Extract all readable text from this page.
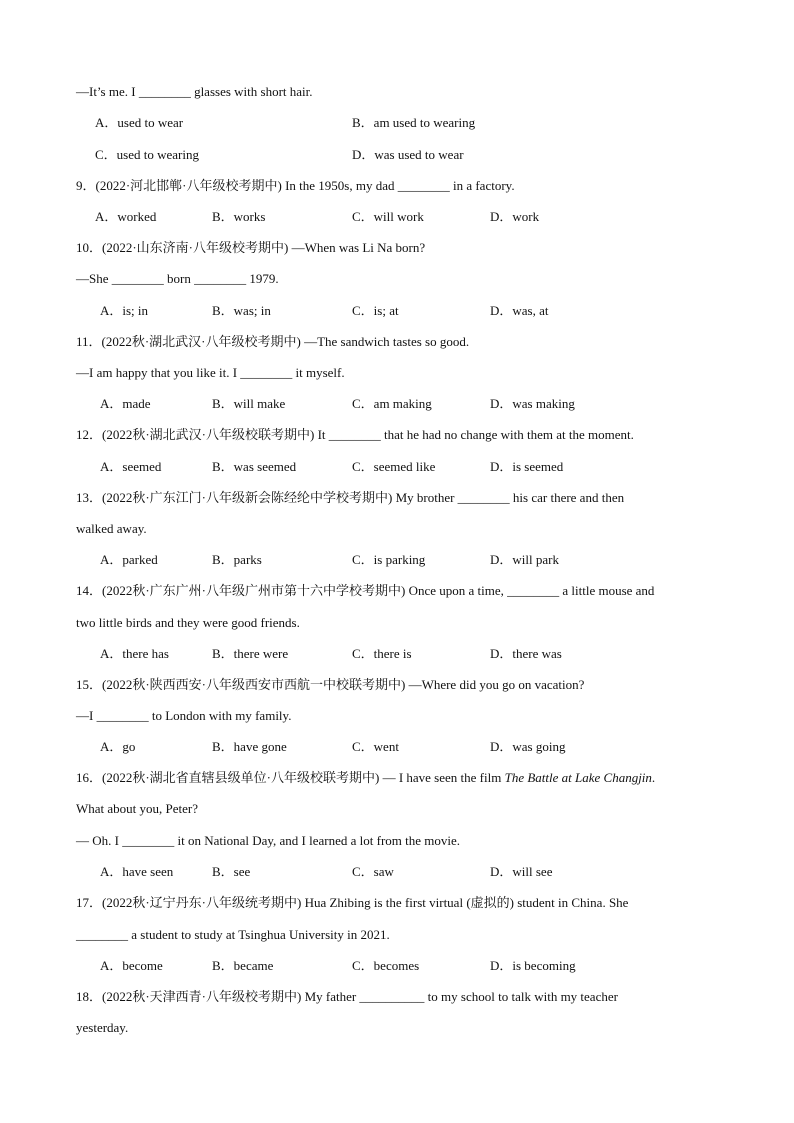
—It’s me. I ________ glasses with short hair.
A．used to wear	B．am used to wearing
C．used to wearing	D．was used to wear
9．(2022·河北邯郸·八年级校考期中) In the 1950s, my dad ________ in a factory.
A．worked	B．works	C．will work	D．work
10．(2022·山东济南·八年级校考期中) —When was Li Na born?
—She ________ born ________ 1979.
A．is; in	B．was; in	C．is; at	D．was, at
11．(2022秋·湖北武汉·八年级校考期中) —The sandwich tastes so good.
—I am happy that you like it. I ________ it myself.
A．made	B．will make	C．am making	D．was making
12．(2022秋·湖北武汉·八年级校联考期中) It ________ that he had no change with them at the moment.
A．seemed	B．was seemed	C．seemed like	D．is seemed
13．(2022秋·广东江门·八年级新会陈经纶中学校考期中) My brother ________ his car there and then
walked away.
A．parked	B．parks	C．is parking	D．will park
14．(2022秋·广东广州·八年级广州市第十六中学校考期中) Once upon a time, ________ a little mouse and
two little birds and they were good friends.
A．there has	B．there were	C．there is	D．there was
15．(2022秋·陕西西安·八年级西安市西航一中校联考期中) —Where did you go on vacation?
—I ________ to London with my family.
A．go	B．have gone	C．went	D．was going
16．(2022秋·湖北省直辖县级单位·八年级校联考期中) — I have seen the film The Battle at Lake Changjin.
What about you, Peter?
— Oh. I ________ it on National Day, and I learned a lot from the movie.
A．have seen	B．see	C．saw	D．will see
17．(2022秋·辽宁丹东·八年级统考期中) Hua Zhibing is the first virtual (虚拟的) student in China. She
________ a student to study at Tsinghua University in 2021.
A．become	B．became	C．becomes	D．is becoming
18．(2022秋·天津西青·八年级校考期中) My father __________ to my school to talk with my teacher
yesterday.
